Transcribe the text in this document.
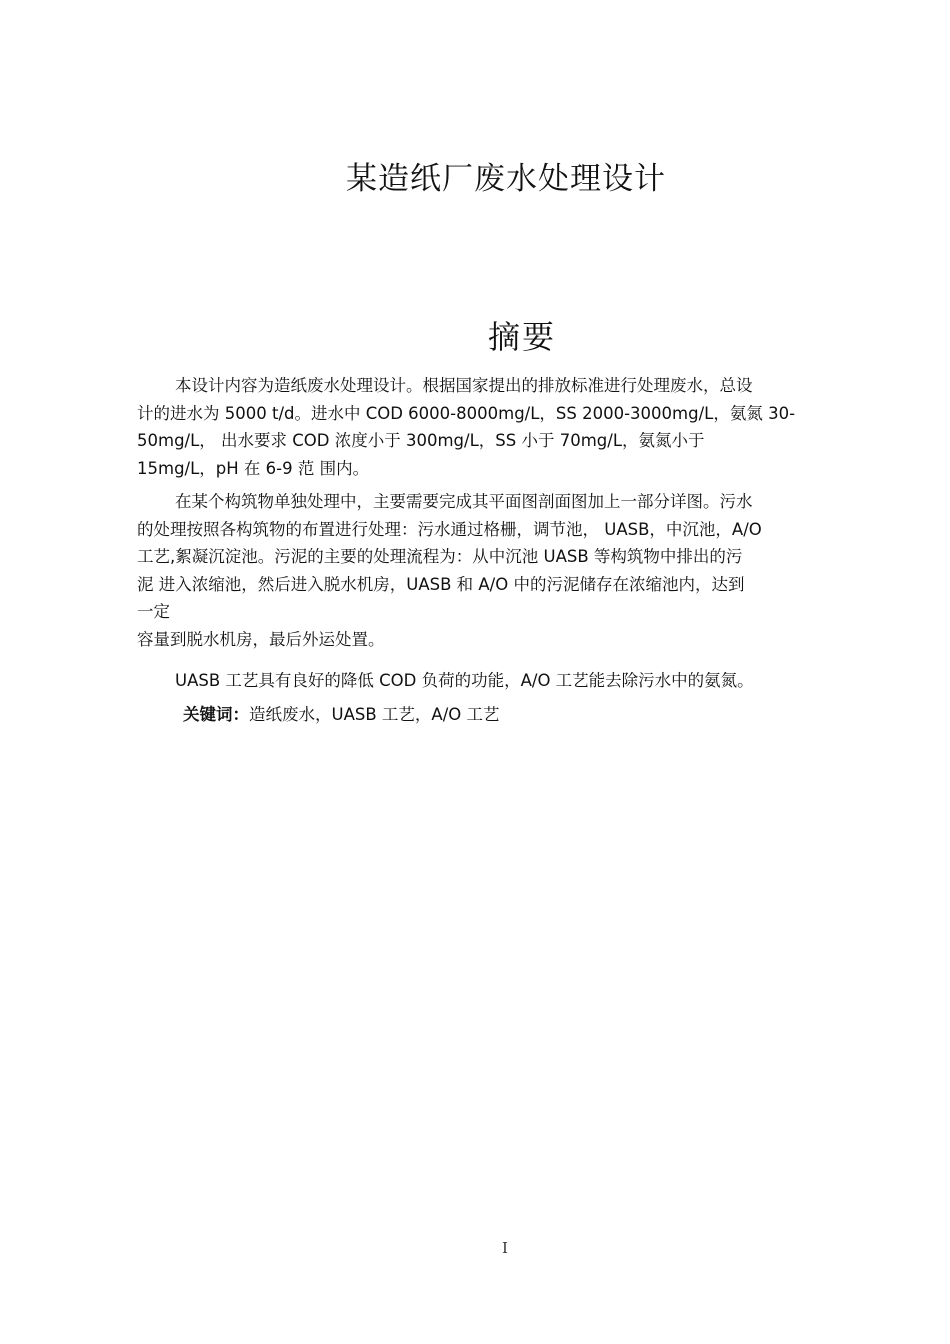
某造纸厂废水处理设计
摘要

本设计内容为造纸废水处理设计。根据国家提出的排放标准进行处理废水，总设
计的进水为 5000 t/d。进水中 COD 6000-8000mg/L，SS 2000-3000mg/L，氨氮 30-
50mg/L， 出水要求 COD 浓度小于 300mg/L，SS 小于 70mg/L，氨氮小于
15mg/L，pH 在 6-9 范 围内。

在某个构筑物单独处理中，主要需要完成其平面图剖面图加上一部分详图。污水
的处理按照各构筑物的布置进行处理：污水通过格栅，调节池， UASB，中沉池，A/O
工艺,絮凝沉淀池。污泥的主要的处理流程为：从中沉池 UASB 等构筑物中排出的污
泥 进入浓缩池，然后进入脱水机房，UASB 和 A/O 中的污泥储存在浓缩池内，达到
一定
容量到脱水机房，最后外运处置。

UASB 工艺具有良好的降低 COD 负荷的功能，A/O 工艺能去除污水中的氨氮。

关键词：造纸废水，UASB 工艺，A/O 工艺

I
